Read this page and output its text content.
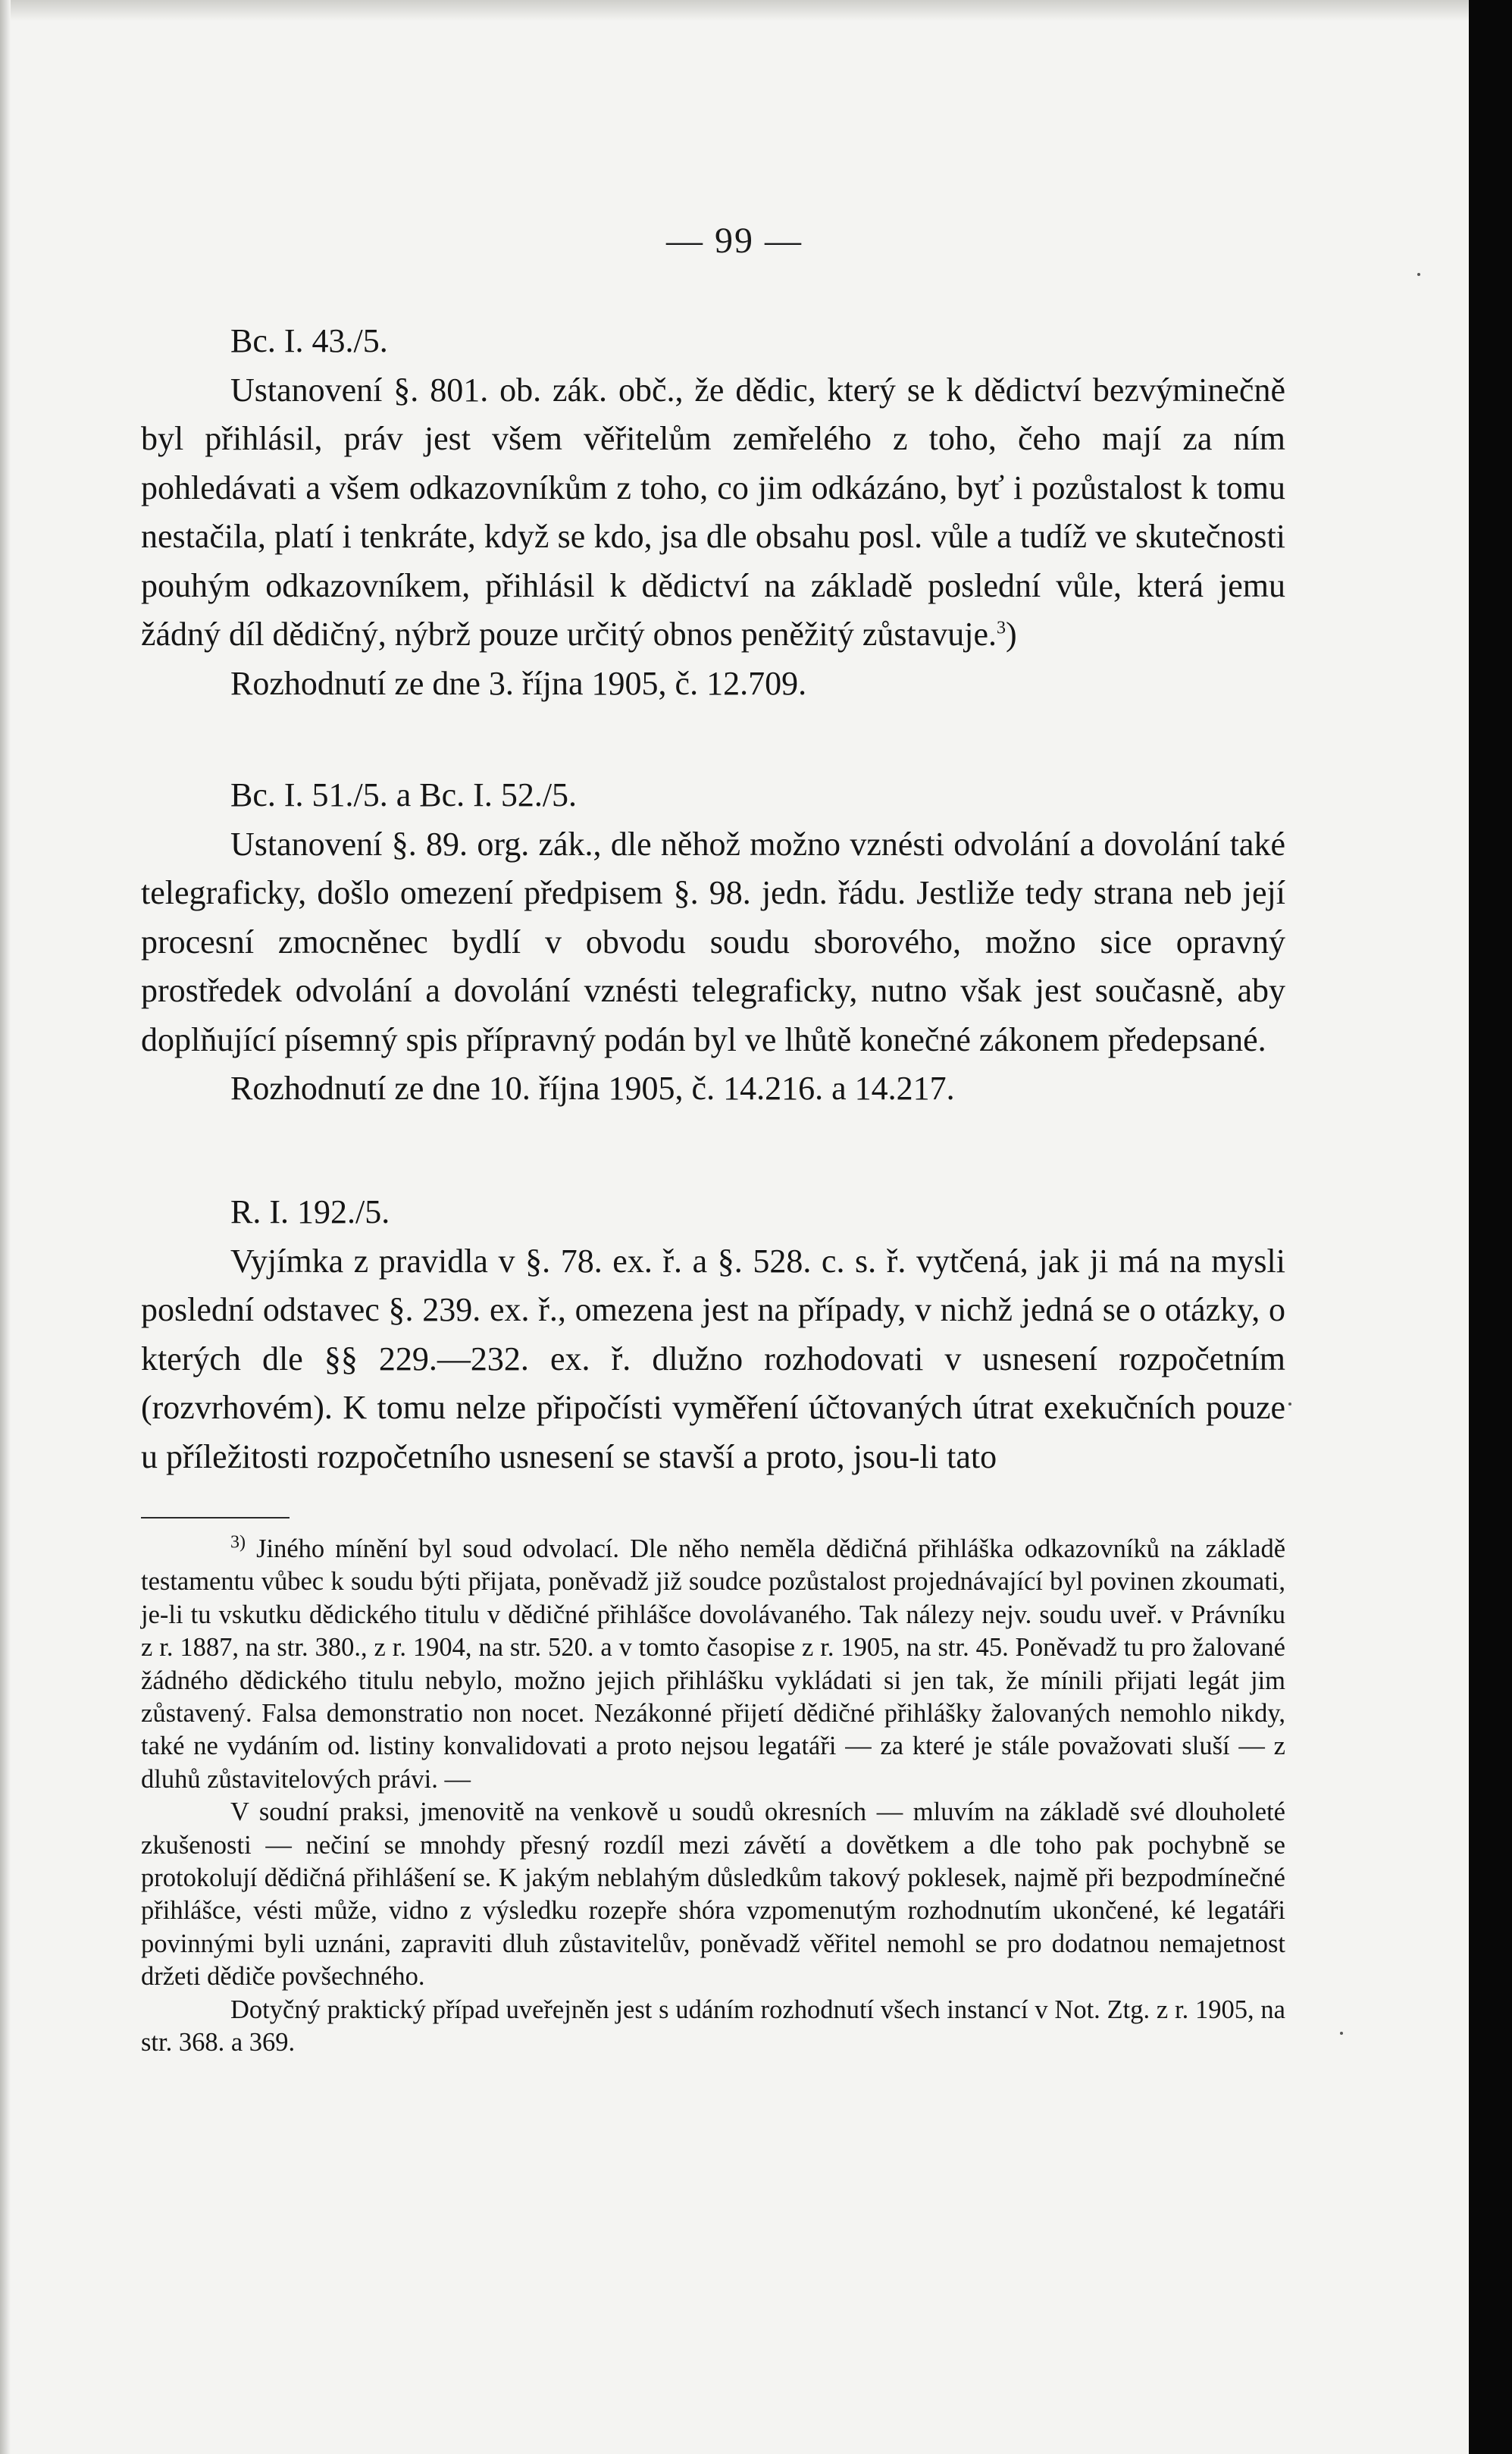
— 99 —

Bc. I. 43./5.

Ustanovení §. 801. ob. zák. obč., že dědic, který se k dědictví bezvýminečně byl přihlásil, práv jest všem věřitelům zemřelého z toho, čeho mají za ním pohledávati a všem odkazovníkům z toho, co jim odkázáno, byť i pozůstalost k tomu nestačila, platí i tenkráte, když se kdo, jsa dle obsahu posl. vůle a tudíž ve skutečnosti pouhým odkazovníkem, přihlásil k dědictví na základě poslední vůle, která jemu žádný díl dědičný, nýbrž pouze určitý obnos peněžitý zůstavuje.$^3$)

Rozhodnutí ze dne 3. října 1905, č. 12.709.

Bc. I. 51./5. a Bc. I. 52./5.

Ustanovení §. 89. org. zák., dle něhož možno vznésti odvolání a dovolání také telegraficky, došlo omezení předpisem §. 98. jedn. řádu. Jestliže tedy strana neb její procesní zmocněnec bydlí v obvodu soudu sborového, možno sice opravný prostředek odvolání a dovolání vznésti telegraficky, nutno však jest současně, aby doplňující písemný spis přípravný podán byl ve lhůtě konečné zákonem předepsané.

Rozhodnutí ze dne 10. října 1905, č. 14.216. a 14.217.

R. I. 192./5.

Vyjímka z pravidla v §. 78. ex. ř. a §. 528. c. s. ř. vytčená, jak ji má na mysli poslední odstavec §. 239. ex. ř., omezena jest na případy, v nichž jedná se o otázky, o kterých dle §§ 229.—232. ex. ř. dlužno rozhodovati v usnesení rozpočetním (rozvrhovém). K tomu nelze připočísti vyměření účtovaných útrat exekučních pouze u příležitosti rozpočetního usnesení se stavší a proto, jsou-li tato

$^{3)}$ Jiného mínění byl soud odvolací. Dle něho neměla dědičná přihláška odkazovníků na základě testamentu vůbec k soudu býti přijata, poněvadž již soudce pozůstalost projednávající byl povinen zkoumati, je-li tu vskutku dědického titulu v dědičné přihlášce dovolávaného. Tak nálezy nejv. soudu uveř. v Právníku z r. 1887, na str. 380., z r. 1904, na str. 520. a v tomto časopise z r. 1905, na str. 45. Poněvadž tu pro žalované žádného dědického titulu nebylo, možno jejich přihlášku vykládati si jen tak, že mínili přijati legát jim zůstavený. Falsa demonstratio non nocet. Nezákonné přijetí dědičné přihlášky žalovaných nemohlo nikdy, také ne vydáním od. listiny konvalidovati a proto nejsou legatáři — za které je stále považovati sluší — z dluhů zůstavitelových právi. —

V soudní praksi, jmenovitě na venkově u soudů okresních — mluvím na základě své dlouholeté zkušenosti — nečiní se mnohdy přesný rozdíl mezi závětí a dovětkem a dle toho pak pochybně se protokolují dědičná přihlášení se. K jakým neblahým důsledkům takový poklesek, najmě při bezpodmínečné přihlášce, vésti může, vidno z výsledku rozepře shóra vzpomenutým rozhodnutím ukončené, ké legatáři povinnými byli uznáni, zapraviti dluh zůstavitelův, poněvadž věřitel nemohl se pro dodatnou nemajetnost držeti dědiče povšechného.

Dotyčný praktický případ uveřejněn jest s udáním rozhodnutí všech instancí v Not. Ztg. z r. 1905, na str. 368. a 369.
